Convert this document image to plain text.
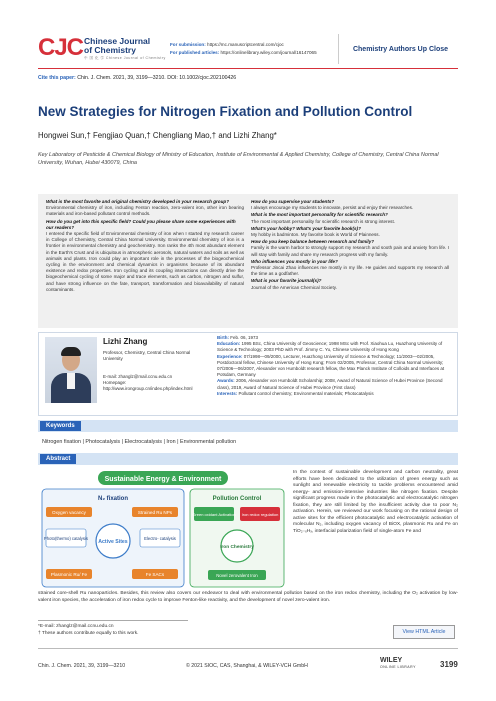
CJC Chinese Journal
of Chemistry
中 国 化 学 Chinese Journal of Chemistry
For submission: https://mc.manuscriptcentral.com/cjoc
For published articles: https://onlinelibrary.wiley.com/journal/16147065	Chemistry Authors Up Close
Cite this paper: Chin. J. Chem. 2021, 39, 3199—3210. DOI: 10.1002/cjoc.202100426
New Strategies for Nitrogen Fixation and Pollution Control
Hongwei Sun,† Fengjiao Quan,† Chengliang Mao,† and Lizhi Zhang*
Key Laboratory of Pesticide & Chemical Biology of Ministry of Education, Institute of Environmental & Applied Chemistry, College of Chemistry, Central China Normal University, Wuhan, Hubei 430079, China
What is the most favorite and original chemistry developed in your research group?
Environmental chemistry of iron, including Fenton reaction, zero-valent iron, other iron bearing materials and iron-based pollutant control methods.
How do you get into this specific field? Could you please share some experiences with our readers?
I entered the specific field of Environmental chemistry of iron when I started my research career in College of Chemistry, Central China Normal University. Environmental chemistry of iron is a frontier in environmental chemistry and geochemistry. Iron ranks the 4th most abundant element in the Earth's Crust and is ubiquitous in atmospheric aerosols, natural waters and soils as well as animals and plants. Iron could play an important role in the processes of the biogeochemical cycling in the environment and chemical dynamics in organisms because of its abundant existence and redox properties. Iron cycling and its coupling interactions can directly drive the biogeochemical cycling of some major and trace elements, such as carbon, nitrogen and sulfur, and have strong influence on the fate, transport, transformation and bioavailability of natural contaminants.
How do you supervise your students?
I always encourage my students to innovate, persist and enjoy their researches.
What is the most important personality for scientific research?
The most important personality for scientific research is strong interest.
What's your hobby? What's your favorite book(s)?
My hobby is badminton. My favorite book is World of Plainness.
How do you keep balance between research and family?
Family is the warm harbor to strongly support my research and sooth pain and anxiety from life. I will stay with family and share my research progress with my family.
Who influences you mostly in your life?
Professor Jincai Zhao influences me mostly in my life. He guides and supports my research all the time as a godfather.
What is your favorite journal(s)?
Journal of the American Chemical Society.
Lizhi Zhang
Professor, Chemistry, Central China Normal University
E-mail: zhanglz@mail.ccnu.edu.cn
Homepage:
http://www.irongroup.cn/index.php/index.html
Birth: Feb. 06, 1973
Education: 1995 BSc, China University of Geoscience; 1998 MSc with Prof. Xiaohua Lu, Huazhong University of Science & Technology; 2003 PhD with Prof. Jimmy C. Yu, Chinese University of Hong Kong
Experience: 07/1998—09/2000, Lecturer, Huazhong University of Science & Technology; 11/2003—02/2005, Postdoctoral fellow, Chinese University of Hong Kong; From 02/2005, Professor, Central China Normal University; 07/2006—06/2007, Alexander von Humboldt research fellow, the Max Planck Institute of Colloids and Interfaces at Potsdam, Germany
Awards: 2006, Alexander von Humboldt Scholarship; 2008, Award of Natural Science of Hubei Province (Second class), 2019, Award of Natural Science of Hubei Province (First class)
Interests: Pollutant control chemistry; Environmental materials; Photocatalysis
Keywords
Nitrogen fixation | Photocatalysis | Electrocatalysis | Iron | Environmental pollution
Abstract
Sustainable Energy & Environment
N₂ fixation
Oxygen vacancy	Strained Ru NPs
Active Sites
Photo(thermo) catalysis	Electro- catalysis
Plasmonic Ru/ Fe	Fe SACs
Pollution Control
Green oxidant Activation Iron redox regulation
Iron Chemistry
Novel zerovalent Iron
In the context of sustainable development and carbon neutrality, great efforts have been dedicated to the utilization of green energy such as sunlight and renewable electricity to tackle problems encountered amid energy- and emission-intensive industries like nitrogen fixation. Despite significant progress made in the photocatalytic and electrocatalytic nitrogen fixation, they are still limited by the insufficient activity due to poor N₂ activation. Herein, we reviewed our work focusing on the rational design of active sites for the efficient photocatalytic and electrocatalytic activation of molecular N₂, including oxygen vacancy of BiOX, plasmonic Ru and Fe on TiO₂₋ₓHₓ, interfacial polarization field of single-atom Fe and
strained core-shell Ru nanoparticles. Besides, this review also covers our endeavor to deal with environmental pollution based on the iron redox chemistry, including the O₂ activation by low-valent iron species, the acceleration of iron redox cycle to improve Fenton-like reactivity, and the development of novel zero-valent iron.
*E-mail: zhanglz@mail.ccnu.edu.cn
† These authors contribute equally to this work.	View HTML Article
Chin. J. Chem. 2021, 39, 3199—3210	© 2021 SIOC, CAS, Shanghai, & WILEY-VCH GmbH
WILEY
ONLINE LIBRARY	3199
